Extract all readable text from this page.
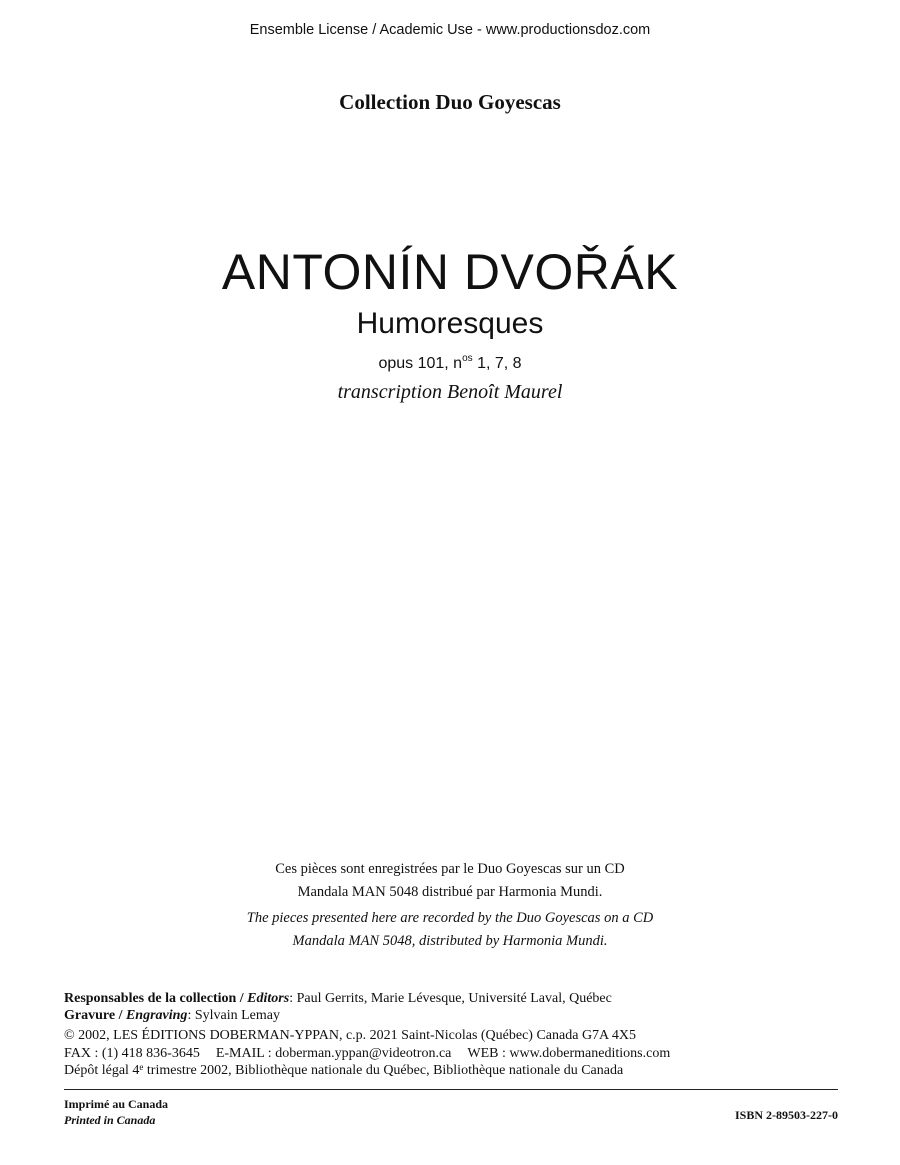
Ensemble License / Academic Use - www.productionsdoz.com
Collection Duo Goyescas
ANTONÍN DVOŘÁK
Humoresques
opus 101, $n^{os}$ 1, 7, 8
transcription Benoît Maurel
Ces pièces sont enregistrées par le Duo Goyescas sur un CD
Mandala MAN 5048 distribué par Harmonia Mundi.
The pieces presented here are recorded by the Duo Goyescas on a CD
Mandala MAN 5048, distributed by Harmonia Mundi.
Responsables de la collection / Editors: Paul Gerrits, Marie Lévesque, Université Laval, Québec
Gravure / Engraving: Sylvain Lemay
© 2002, LES ÉDITIONS DOBERMAN-YPPAN, c.p. 2021 Saint-Nicolas (Québec) Canada G7A 4X5
FAX : (1) 418 836-3645 E-MAIL : doberman.yppan@videotron.ca WEB : www.dobermaneditions.com
Dépôt légal 4e trimestre 2002, Bibliothèque nationale du Québec, Bibliothèque nationale du Canada
Imprimé au Canada
Printed in Canada	ISBN 2-89503-227-0
